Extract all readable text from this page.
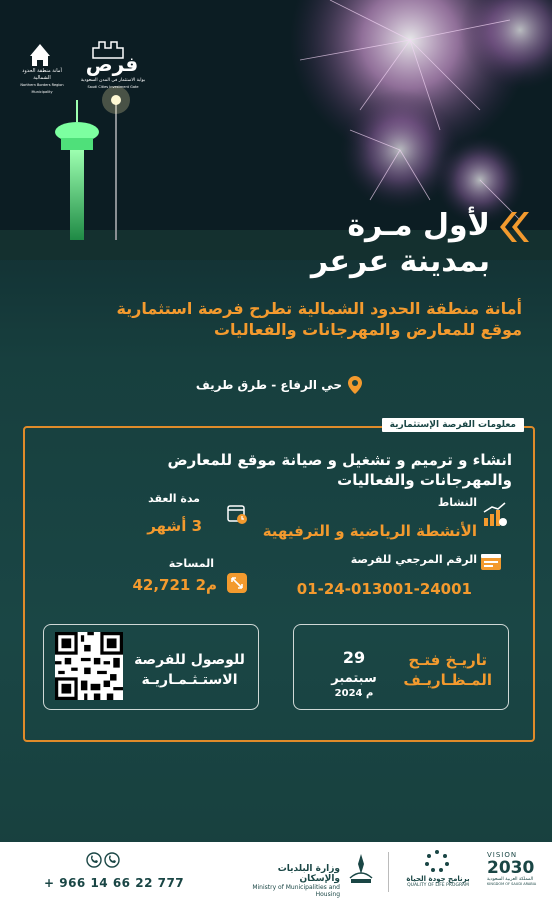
أمانة منطقة الحدود الشمالية
Northern Borders Region Municipality
فرص
بوابة الاستثمار في المدن السعودية
Saudi Cities Investment Gate
لأول مـرة
بمدينة عرعر
أمانة منطقة الحدود الشمالية تطرح فرصة استثمارية
موقع للمعارض والمهرجانات والفعاليات
حي الرفاع - طرق طريف
معلومات الفرصة الإستثمارية
انشاء و ترميم و تشغيل و صيانة موقع للمعارض
والمهرجانات والفعاليات
النشاط
الأنشطة الرياضية و الترفيهية
الرقم المرجعي للفرصة
01-24-013001-24001
مدة العقد
3 أشهر
المساحة
42,721 م2
تاريـخ فتـح
المـظـاريـف
29 سبتمبر
2024 م
للوصول للفرصة
الاستـثـمـاريـة
+ 966 14 66 22 777
وزارة البلديات والإسكان
Ministry of Municipalities and Housing
برنامج جودة الحياة
QUALITY OF LIFE PROGRAM
VISION
2030
المملكة العربية السعودية
KINGDOM OF SAUDI ARABIA
